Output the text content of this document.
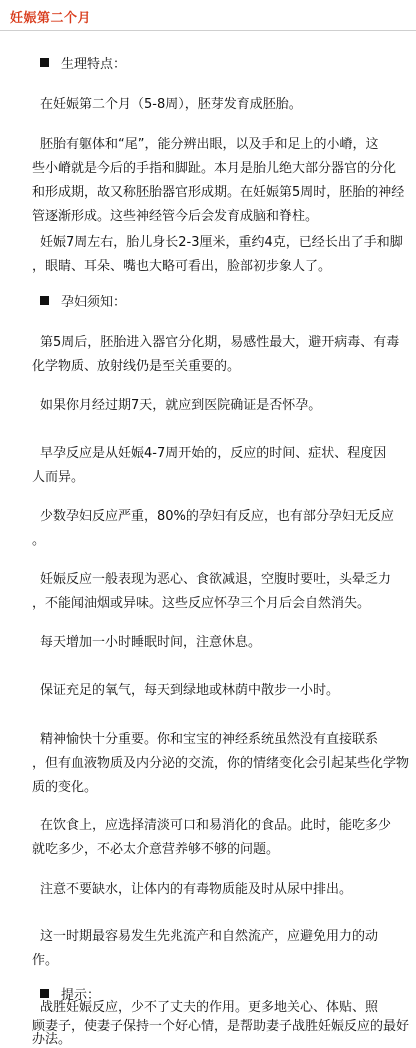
妊娠第二个月
生理特点：
在妊娠第二个月（5-8周），胚芽发育成胚胎。
胚胎有躯体和“尾”，能分辨出眼，以及手和足上的小嵴，这
些小嵴就是今后的手指和脚趾。本月是胎儿绝大部分器官的分化
和形成期，故又称胚胎器官形成期。在妊娠第5周时，胚胎的神经
管逐渐形成。这些神经管今后会发育成脑和脊柱。
妊娠7周左右，胎儿身长2-3厘米，重约4克，已经长出了手和脚
，眼睛、耳朵、嘴也大略可看出，脸部初步象人了。
孕妇须知：
第5周后，胚胎进入器官分化期，易感性最大，避开病毒、有毒
化学物质、放射线仍是至关重要的。
如果你月经过期7天，就应到医院确证是否怀孕。
早孕反应是从妊娠4-7周开始的，反应的时间、症状、程度因
人而异。
少数孕妇反应严重，80%的孕妇有反应，也有部分孕妇无反应
。
妊娠反应一般表现为恶心、食欲减退，空腹时要吐，头晕乏力
，不能闻油烟或异味。这些反应怀孕三个月后会自然消失。
每天增加一小时睡眠时间，注意休息。
保证充足的氧气，每天到绿地或林荫中散步一小时。
精神愉快十分重要。你和宝宝的神经系统虽然没有直接联系
，但有血液物质及内分泌的交流，你的情绪变化会引起某些化学物
质的变化。
在饮食上，应选择清淡可口和易消化的食品。此时，能吃多少
就吃多少，不必太介意营养够不够的问题。
注意不要缺水，让体内的有毒物质能及时从尿中排出。
这一时期最容易发生先兆流产和自然流产，应避免用力的动
作。
提示：
战胜妊娠反应，少不了丈夫的作用。更多地关心、体贴、照
顾妻子，使妻子保持一个好心情，是帮助妻子战胜妊娠反应的最好
办法。
